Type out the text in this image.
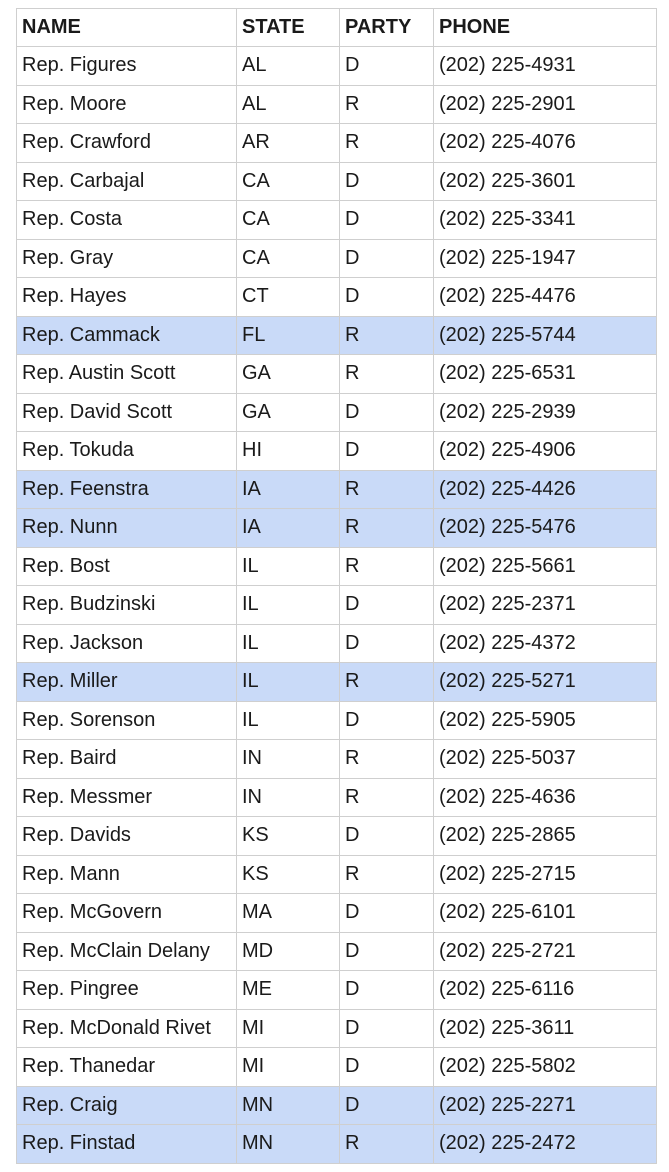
NAME	STATE	PARTY	PHONE
Rep. Figures	AL	D	(202) 225-4931
Rep. Moore	AL	R	(202) 225-2901
Rep. Crawford	AR	R	(202) 225-4076
Rep. Carbajal	CA	D	(202) 225-3601
Rep. Costa	CA	D	(202) 225-3341
Rep. Gray	CA	D	(202) 225-1947
Rep. Hayes	CT	D	(202) 225-4476
Rep. Cammack	FL	R	(202) 225-5744
Rep. Austin Scott	GA	R	(202) 225-6531
Rep. David Scott	GA	D	(202) 225-2939
Rep. Tokuda	HI	D	(202) 225-4906
Rep. Feenstra	IA	R	(202) 225-4426
Rep. Nunn	IA	R	(202) 225-5476
Rep. Bost	IL	R	(202) 225-5661
Rep. Budzinski	IL	D	(202) 225-2371
Rep. Jackson	IL	D	(202) 225-4372
Rep. Miller	IL	R	(202) 225-5271
Rep. Sorenson	IL	D	(202) 225-5905
Rep. Baird	IN	R	(202) 225-5037
Rep. Messmer	IN	R	(202) 225-4636
Rep. Davids	KS	D	(202) 225-2865
Rep. Mann	KS	R	(202) 225-2715
Rep. McGovern	MA	D	(202) 225-6101
Rep. McClain Delany	MD	D	(202) 225-2721
Rep. Pingree	ME	D	(202) 225-6116
Rep. McDonald Rivet	MI	D	(202) 225-3611
Rep. Thanedar	MI	D	(202) 225-5802
Rep. Craig	MN	D	(202) 225-2271
Rep. Finstad	MN	R	(202) 225-2472
